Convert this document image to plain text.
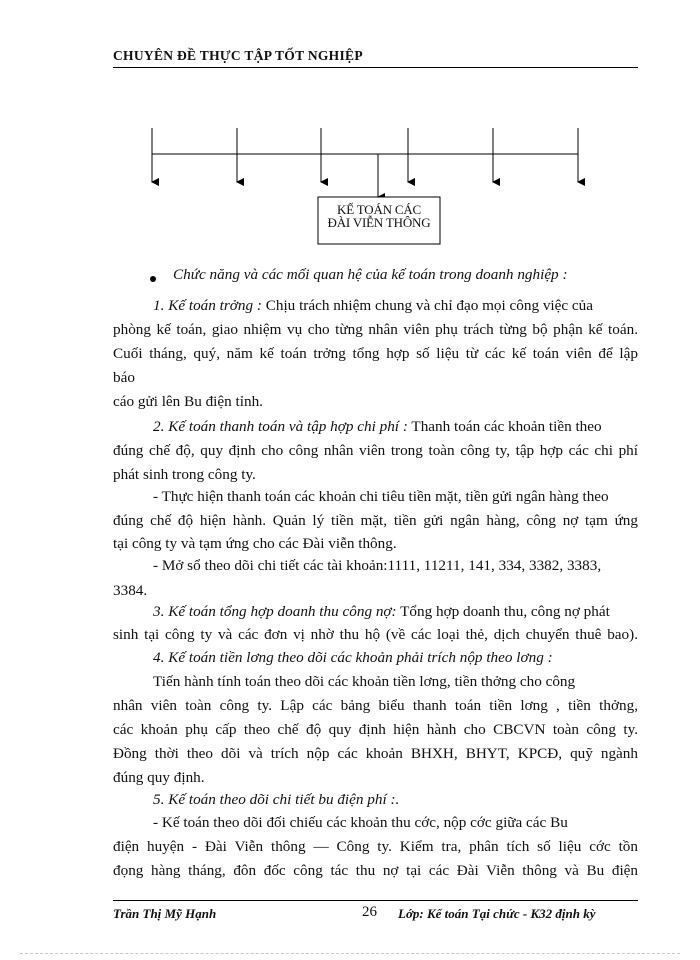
CHUYÊN ĐỀ THỰC TẬP TỐT NGHIỆP
KẾ TOÁN CÁC
ĐÀI VIỄN THÔNG
Chức năng và các mối quan hệ của kế toán trong doanh nghiệp :
1. Kế toán trởng : Chịu trách nhiệm chung và chỉ đạo mọi công việc của
phòng kế toán, giao nhiệm vụ cho từng nhân viên phụ trách từng bộ phận kế toán.
Cuối tháng, quý, năm kế toán trởng tổng hợp số liệu từ các kế toán viên để lập
báo
cáo gửi lên Bu điện tỉnh.
2. Kế toán thanh toán và tập hợp chi phí : Thanh toán các khoản tiền theo
đúng chế độ, quy định cho công nhân viên trong toàn công ty, tập hợp các chi phí
phát sinh trong công ty.
- Thực hiện thanh toán các khoản chi tiêu tiền mặt, tiền gửi ngân hàng theo
đúng chế độ hiện hành. Quản lý tiền mặt, tiền gửi ngân hàng, công nợ tạm ứng
tại công ty và tạm ứng cho các Đài viễn thông.
- Mở sổ theo dõi chi tiết các tài khoản:1111, 11211, 141, 334, 3382, 3383,
3384.
3. Kế toán tổng hợp doanh thu công nợ: Tổng hợp doanh thu, công nợ phát
sinh tại công ty và các đơn vị nhờ thu hộ (về các loại thẻ, dịch chuyển thuê bao).
4. Kế toán tiền lơng theo dõi các khoản phải trích nộp theo lơng :
Tiến hành tính toán theo dõi các khoản tiền lơng, tiền thởng cho công
nhân viên toàn công ty. Lập các bảng biểu thanh toán tiền lơng , tiền thởng,
các khoản phụ cấp theo chế độ quy định hiện hành cho CBCVN toàn công ty.
Đồng thời theo dõi và trích nộp các khoản BHXH, BHYT, KPCĐ, quỹ ngành
đúng quy định.
5. Kế toán theo dõi chi tiết bu điện phí :.
- Kế toán theo dõi đối chiếu các khoản thu cớc, nộp cớc giữa các Bu
điện huyện - Đài Viễn thông — Công ty. Kiểm tra, phân tích số liệu cớc tồn
đọng hàng tháng, đôn đốc công tác thu nợ tại các Đài Viễn thông và Bu điện
Trần Thị Mỹ Hạnh	26 Lớp: Kế toán Tại chức - K32 định kỳ
